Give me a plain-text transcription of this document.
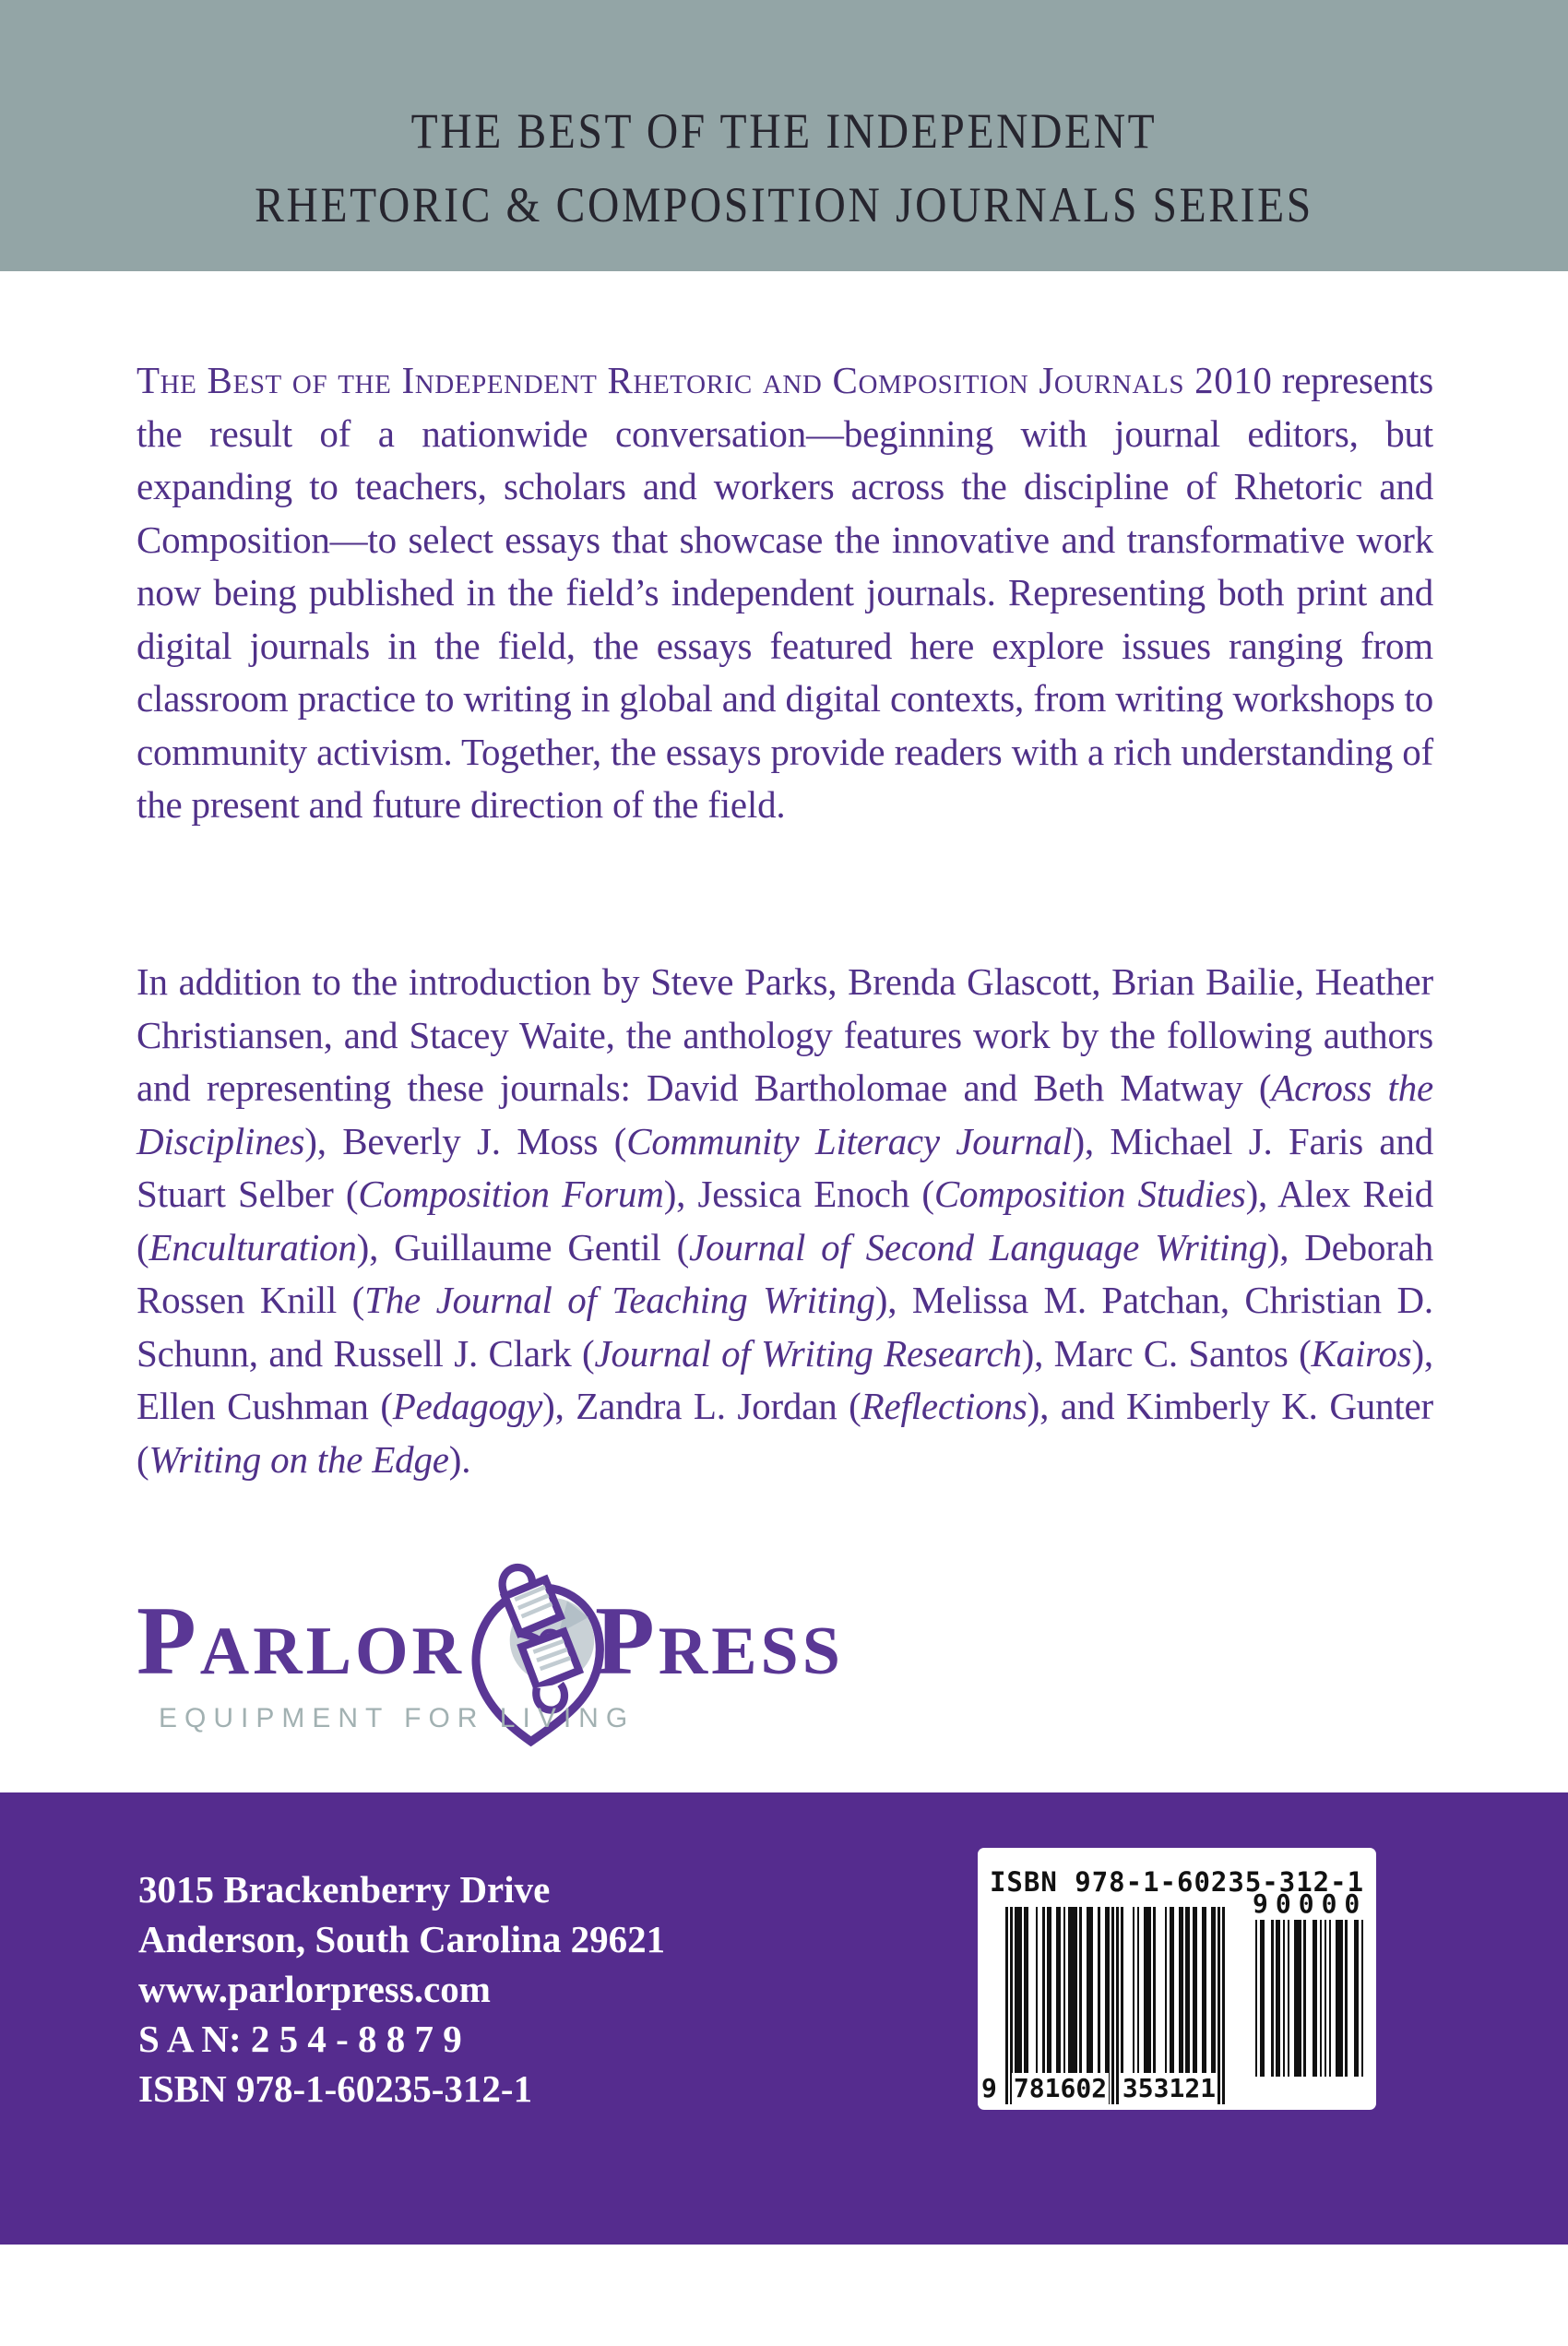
THE BEST OF THE INDEPENDENT
RHETORIC & COMPOSITION JOURNALS SERIES

The Best of the Independent Rhetoric and Composition Journals 2010 represents the result of a nationwide conversation—beginning with journal editors, but expanding to teachers, scholars and workers across the discipline of Rhetoric and Composition—to select essays that showcase the innovative and transformative work now being published in the field’s independent journals. Representing both print and digital journals in the field, the essays featured here explore issues ranging from classroom practice to writing in global and digital contexts, from writing workshops to community activism. Together, the essays provide readers with a rich understanding of the present and future direction of the field.

In addition to the introduction by Steve Parks, Brenda Glascott, Brian Bailie, Heather Christiansen, and Stacey Waite, the anthology features work by the following authors and representing these journals: David Bartholomae and Beth Matway (Across the Disciplines), Beverly J. Moss (Community Literacy Journal), Michael J. Faris and Stuart Selber (Composition Forum), Jessica Enoch (Composition Studies), Alex Reid (Enculturation), Guillaume Gentil (Journal of Second Language Writing), Deborah Rossen Knill (The Journal of Teaching Writing), Melissa M. Patchan, Christian D. Schunn, and Russell J. Clark (Journal of Writing Research), Marc C. Santos (Kairos), Ellen Cushman (Pedagogy), Zandra L. Jordan (Reflections), and Kimberly K. Gunter (Writing on the Edge).

Parlor Press
EQUIPMENT FOR LIVING
3015 Brackenberry Drive
Anderson, South Carolina 29621
www.parlorpress.com
S A N: 2 5 4 - 8 8 7 9
ISBN 978-1-60235-312-1
ISBN 978-1-60235-312-1
9 781602 353121
90000
